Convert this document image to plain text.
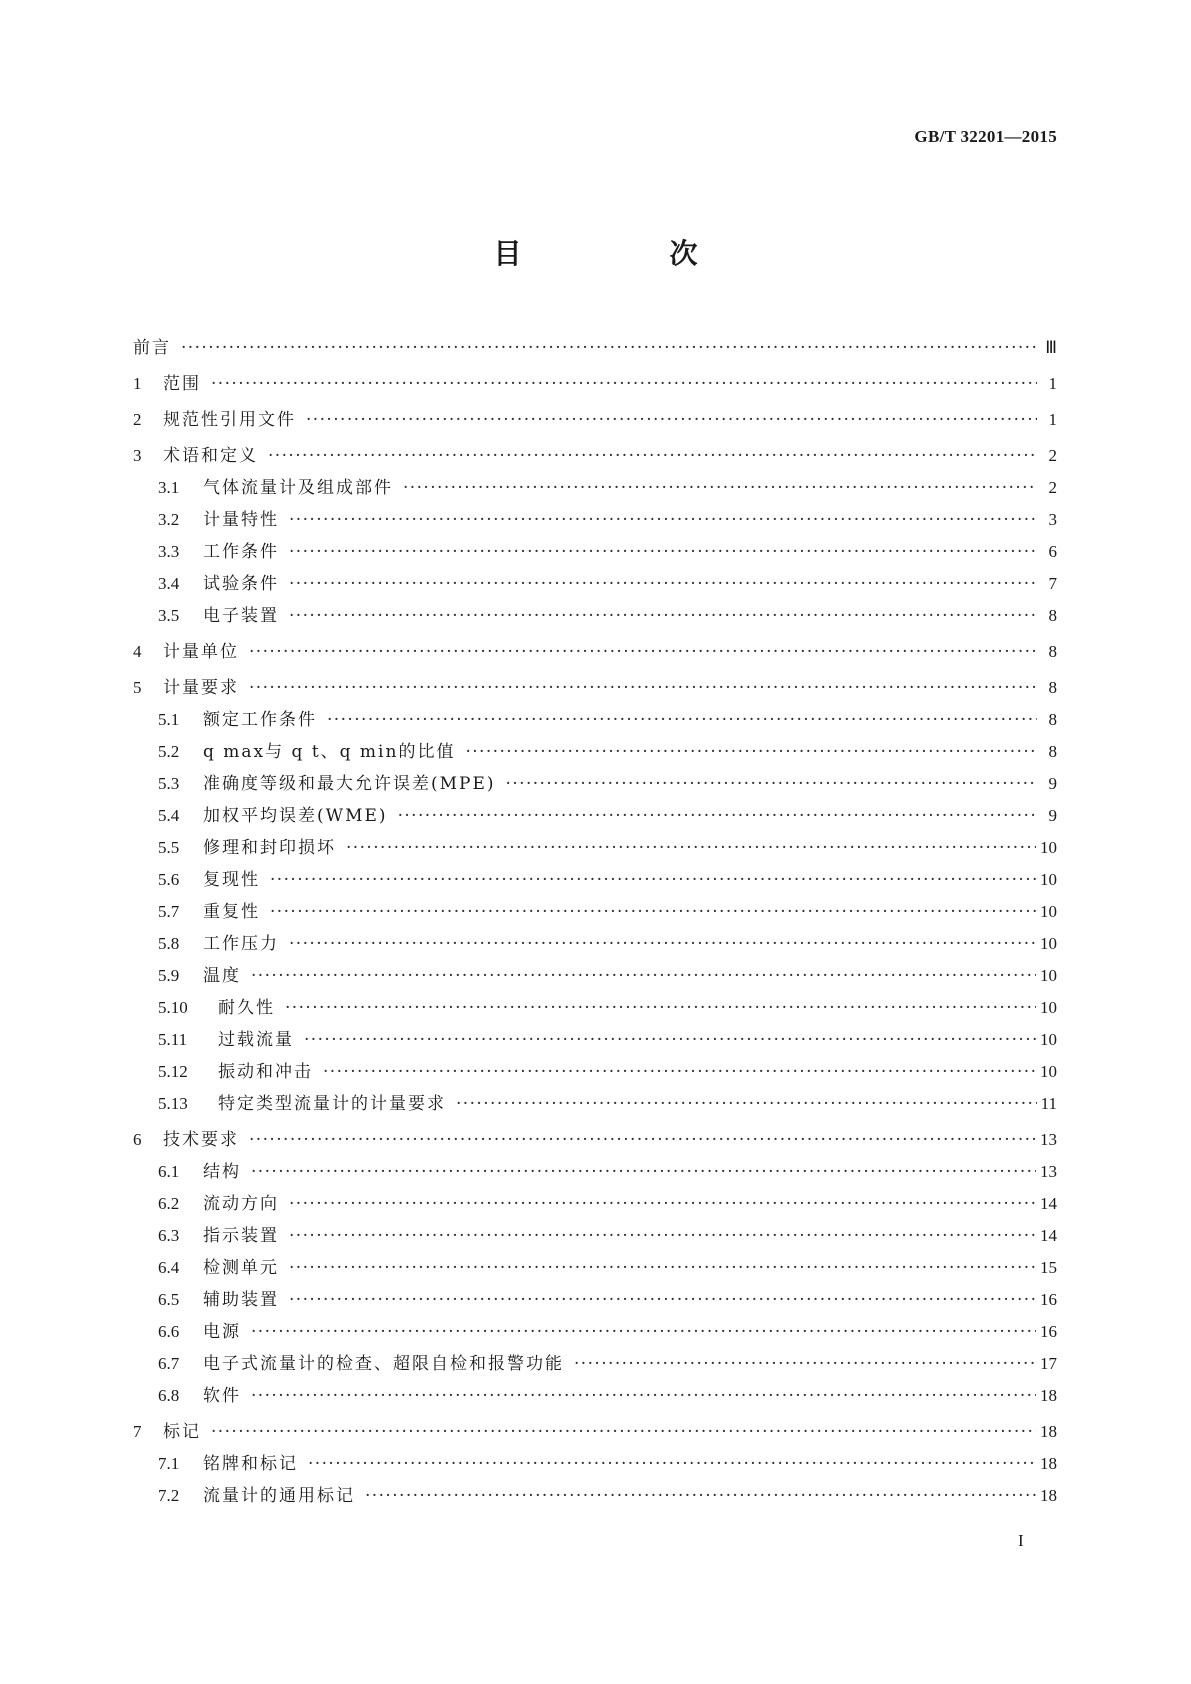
GB/T 32201—2015
目　次
前言 ·····	Ⅲ
1	范围 ·····	1
2	规范性引用文件 ·····	1
3	术语和定义 ·····	2
3.1	气体流量计及组成部件 ·····	2
3.2	计量特性 ·····	3
3.3	工作条件 ·····	6
3.4	试验条件 ·····	7
3.5	电子装置 ·····	8
4	计量单位 ·····	8
5	计量要求 ·····	8
5.1	额定工作条件 ·····	8
5.2	q max与 q t、q min的比值 ·····	8
5.3	准确度等级和最大允许误差(MPE) ·····	9
5.4	加权平均误差(WME) ·····	9
5.5	修理和封印损坏 ·····	10
5.6	复现性 ·····	10
5.7	重复性 ·····	10
5.8	工作压力 ·····	10
5.9	温度 ·····	10
5.10	耐久性 ·····	10
5.11	过载流量 ·····	10
5.12	振动和冲击 ·····	10
5.13	特定类型流量计的计量要求 ·····	11
6	技术要求 ·····	13
6.1	结构 ·····	13
6.2	流动方向 ·····	14
6.3	指示装置 ·····	14
6.4	检测单元 ·····	15
6.5	辅助装置 ·····	16
6.6	电源 ·····	16
6.7	电子式流量计的检查、超限自检和报警功能 ·····	17
6.8	软件 ·····	18
7	标记 ·····	18
7.1	铭牌和标记 ·····	18
7.2	流量计的通用标记 ·····	18
I
